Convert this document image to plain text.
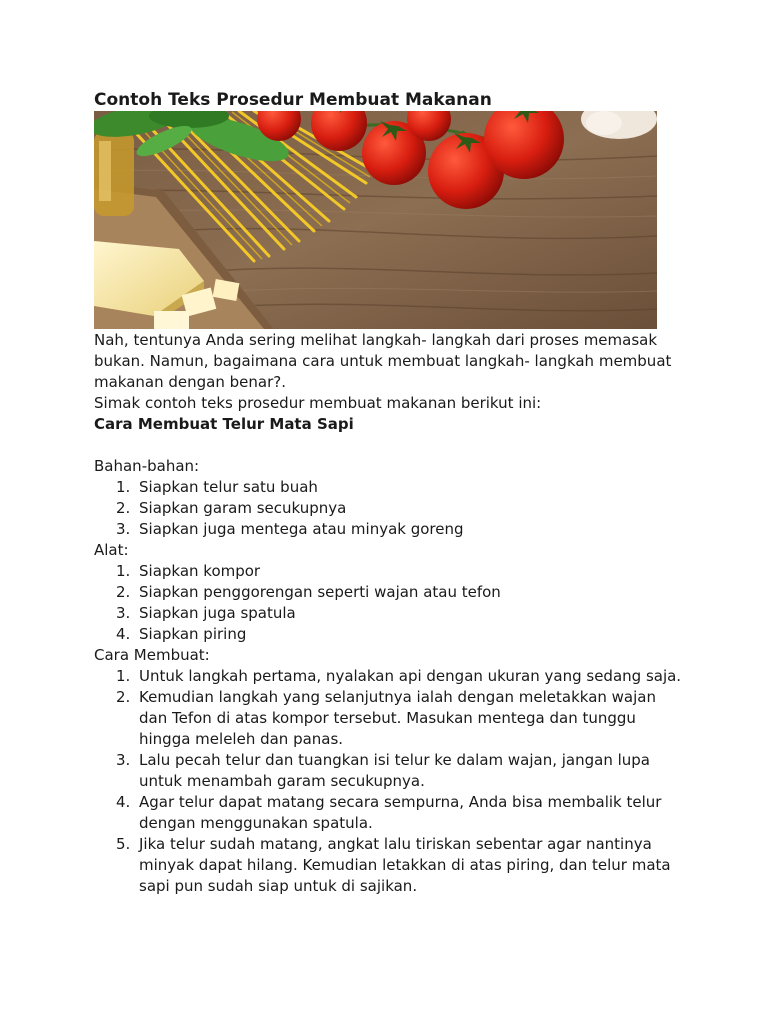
Contoh Teks Prosedur Membuat Makanan

Nah, tentunya Anda sering melihat langkah- langkah dari proses memasak bukan. Namun, bagaimana cara untuk membuat langkah- langkah membuat makanan dengan benar?.

Simak contoh teks prosedur membuat makanan berikut ini:

Cara Membuat Telur Mata Sapi

Bahan-bahan:

1. Siapkan telur satu buah
2. Siapkan garam secukupnya
3. Siapkan juga mentega atau minyak goreng

Alat:

1. Siapkan kompor
2. Siapkan penggorengan seperti wajan atau tefon
3. Siapkan juga spatula
4. Siapkan piring

Cara Membuat:

1. Untuk langkah pertama, nyalakan api dengan ukuran yang sedang saja.
2. Kemudian langkah yang selanjutnya ialah dengan meletakkan wajan dan Tefon di atas kompor tersebut. Masukan mentega dan tunggu hingga meleleh dan panas.
3. Lalu pecah telur dan tuangkan isi telur ke dalam wajan, jangan lupa untuk menambah garam secukupnya.
4. Agar telur dapat matang secara sempurna, Anda bisa membalik telur dengan menggunakan spatula.
5. Jika telur sudah matang, angkat lalu tiriskan sebentar agar nantinya minyak dapat hilang. Kemudian letakkan di atas piring, dan telur mata sapi pun sudah siap untuk di sajikan.
